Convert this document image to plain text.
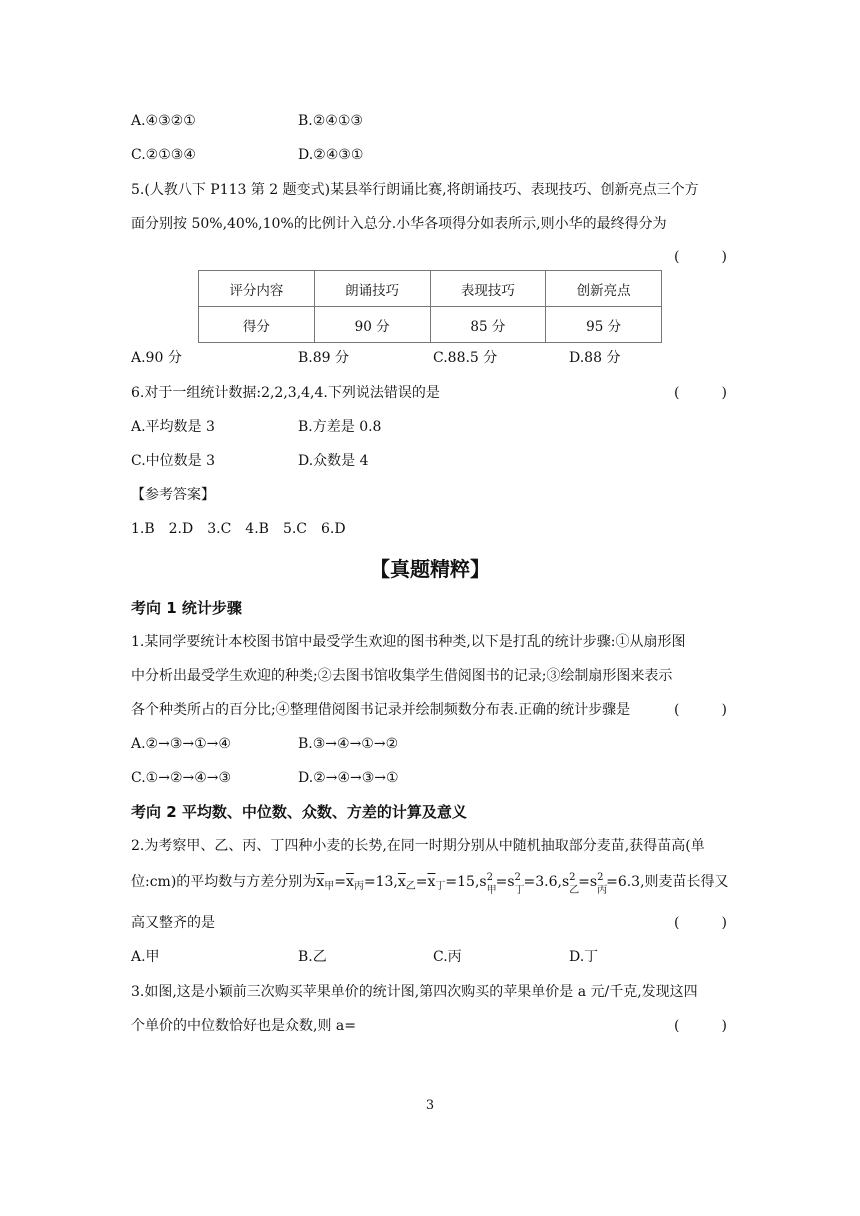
A.④③②①	B.②④①③
C.②①③④	D.②④③①
5.(人教八下 P113 第 2 题变式)某县举行朗诵比赛,将朗诵技巧、表现技巧、创新亮点三个方
面分别按 50%,40%,10%的比例计入总分.小华各项得分如表所示,则小华的最终得分为
(　　　)
评分内容	朗诵技巧	表现技巧	创新亮点
得分	90 分	85 分	95 分
A.90 分	B.89 分	C.88.5 分	D.88 分
6.对于一组统计数据:2,2,3,4,4.下列说法错误的是	(　　　)
A.平均数是 3	B.方差是 0.8
C.中位数是 3	D.众数是 4
【参考答案】
1.B　2.D　3.C　4.B　5.C　6.D
【真题精粹】
考向 1 统计步骤
1.某同学要统计本校图书馆中最受学生欢迎的图书种类,以下是打乱的统计步骤:①从扇形图
中分析出最受学生欢迎的种类;②去图书馆收集学生借阅图书的记录;③绘制扇形图来表示
各个种类所占的百分比;④整理借阅图书记录并绘制频数分布表.正确的统计步骤是	(　　　)
A.②→③→①→④	B.③→④→①→②
C.①→②→④→③	D.②→④→③→①
考向 2 平均数、中位数、众数、方差的计算及意义
2.为考察甲、乙、丙、丁四种小麦的长势,在同一时期分别从中随机抽取部分麦苗,获得苗高(单
位:cm)的平均数与方差分别为$\overline{x}_甲=\overline{x}_丙=13,\overline{x}_乙=\overline{x}_丁=15,s$ 2
甲
=s 2
丁
=3.6,s 2
乙
=s 2
丙
=6.3,则麦苗长得又
高又整齐的是	(　　　)
A.甲	B.乙	C.丙	D.丁
3.如图,这是小颖前三次购买苹果单价的统计图,第四次购买的苹果单价是 a 元/千克,发现这四
个单价的中位数恰好也是众数,则 a=	(　　　)
3
